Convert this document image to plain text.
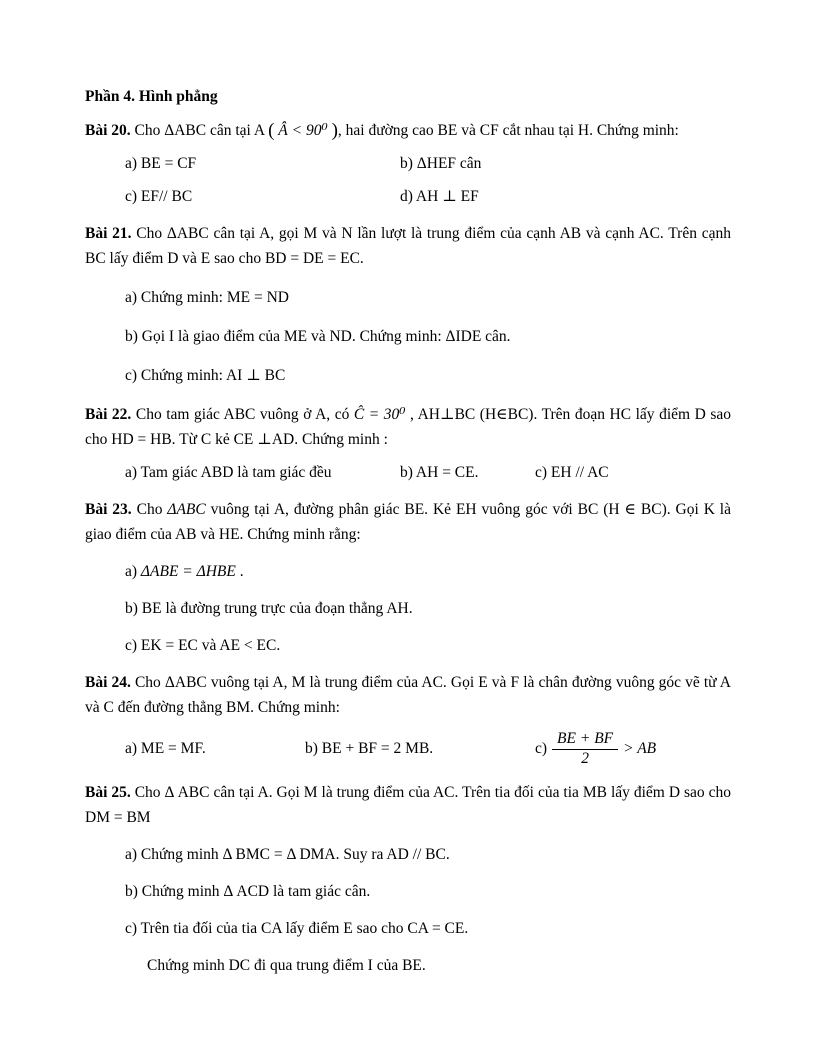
Phần 4. Hình phẳng

Bài 20. Cho ΔABC cân tại A ( Â < 90⁰ ), hai đường cao BE và CF cắt nhau tại H. Chứng minh:

a) BE = CF	b) ΔHEF cân
c) EF// BC	d) AH ⊥ EF

Bài 21. Cho ΔABC cân tại A, gọi M và N lần lượt là trung điểm của cạnh AB và cạnh AC. Trên cạnh BC lấy điểm D và E sao cho BD = DE = EC.

a) Chứng minh: ME = ND

b) Gọi I là giao điểm của ME và ND. Chứng minh: ΔIDE cân.

c) Chứng minh: AI ⊥ BC

Bài 22. Cho tam giác ABC vuông ở A, có Ĉ = 30⁰ , AH⊥BC (H∈BC). Trên đoạn HC lấy điểm D sao cho HD = HB. Từ C kẻ CE ⊥AD. Chứng minh :

a) Tam giác ABD là tam giác đều	b) AH = CE.	c) EH // AC

Bài 23. Cho ΔABC vuông tại A, đường phân giác BE. Kẻ EH vuông góc với BC (H ∈ BC). Gọi K là giao điểm của AB và HE. Chứng minh rằng:

a) ΔABE = ΔHBE .

b) BE là đường trung trực của đoạn thẳng AH.

c) EK = EC và AE < EC.

Bài 24. Cho ΔABC vuông tại A, M là trung điểm của AC. Gọi E và F là chân đường vuông góc vẽ từ A và C đến đường thẳng BM. Chứng minh:

a) ME = MF.	b) BE + BF = 2 MB.	$c) \frac{BE + BF}{2}$ > AB

Bài 25. Cho Δ ABC cân tại A. Gọi M là trung điểm của AC. Trên tia đối của tia MB lấy điểm D sao cho DM = BM

a) Chứng minh Δ BMC = Δ DMA. Suy ra AD // BC.

b) Chứng minh Δ ACD là tam giác cân.

c) Trên tia đối của tia CA lấy điểm E sao cho CA = CE.

Chứng minh DC đi qua trung điểm I của BE.
